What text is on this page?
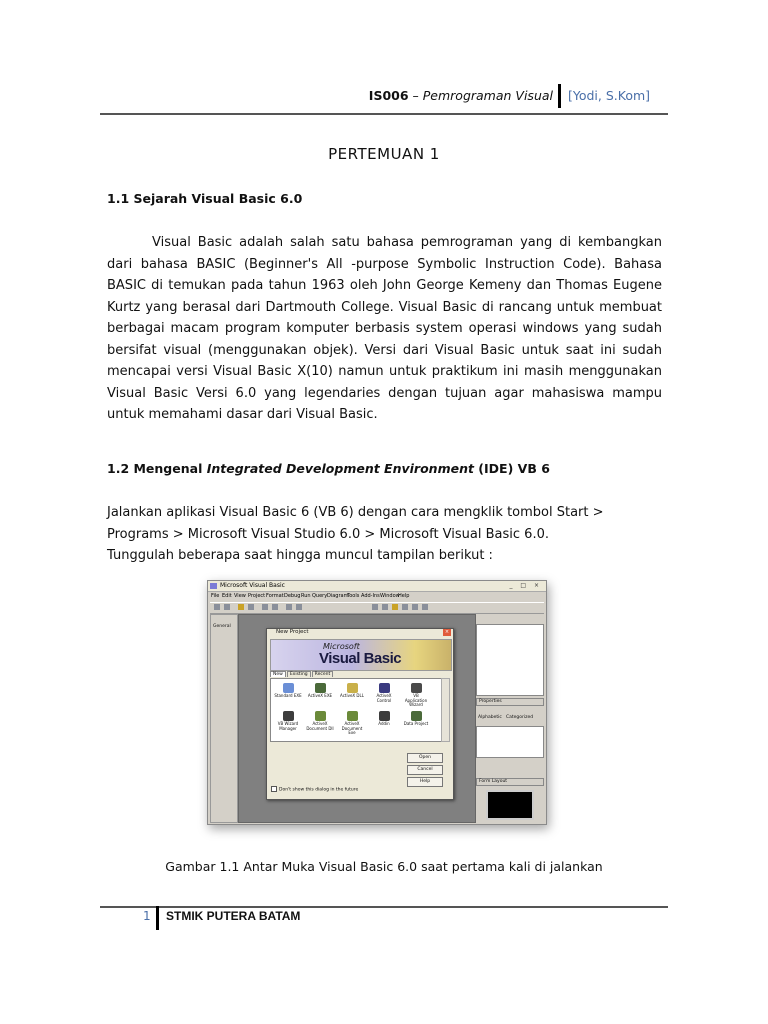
IS006 – Pemrograman Visual [Yodi, S.Kom]
PERTEMUAN 1
1.1 Sejarah Visual Basic 6.0

Visual Basic adalah salah satu bahasa pemrograman yang di kembangkan dari bahasa BASIC (Beginner's All -purpose Symbolic Instruction Code). Bahasa BASIC di temukan pada tahun 1963 oleh John George Kemeny dan Thomas Eugene Kurtz yang berasal dari Dartmouth College. Visual Basic di rancang untuk membuat berbagai macam program komputer berbasis system operasi windows yang sudah bersifat visual (menggunakan objek). Versi dari Visual Basic untuk saat ini sudah mencapai versi Visual Basic X(10) namun untuk praktikum ini masih menggunakan Visual Basic Versi 6.0 yang legendaries dengan tujuan agar mahasiswa mampu untuk memahami dasar dari Visual Basic.

1.2 Mengenal Integrated Development Environment (IDE) VB 6
Jalankan aplikasi Visual Basic 6 (VB 6) dengan cara mengklik tombol Start > Programs > Microsoft Visual Studio 6.0 > Microsoft Visual Basic 6.0.
Tunggulah beberapa saat hingga muncul tampilan berikut :
Microsoft Visual Basic	_ □ ×
File Edit View Project Format Debug Run Query Diagram
Tools Add-Ins Window
Help
General
Properties
Alphabetic Categorized
Form Layout
New Project	×
Microsoft
Visual Basic
New Existing Recent
Standard EXE	ActiveX EXE	ActiveX DLL	ActiveX Control
VB Application Wizard
VB Wizard Manager
ActiveX Document Dll
ActiveX Document Exe
Addin	Data Project
Open
Cancel
Help
Don't show this dialog in the future
Gambar 1.1 Antar Muka Visual Basic 6.0 saat pertama kali di jalankan
1 STMIK PUTERA BATAM
